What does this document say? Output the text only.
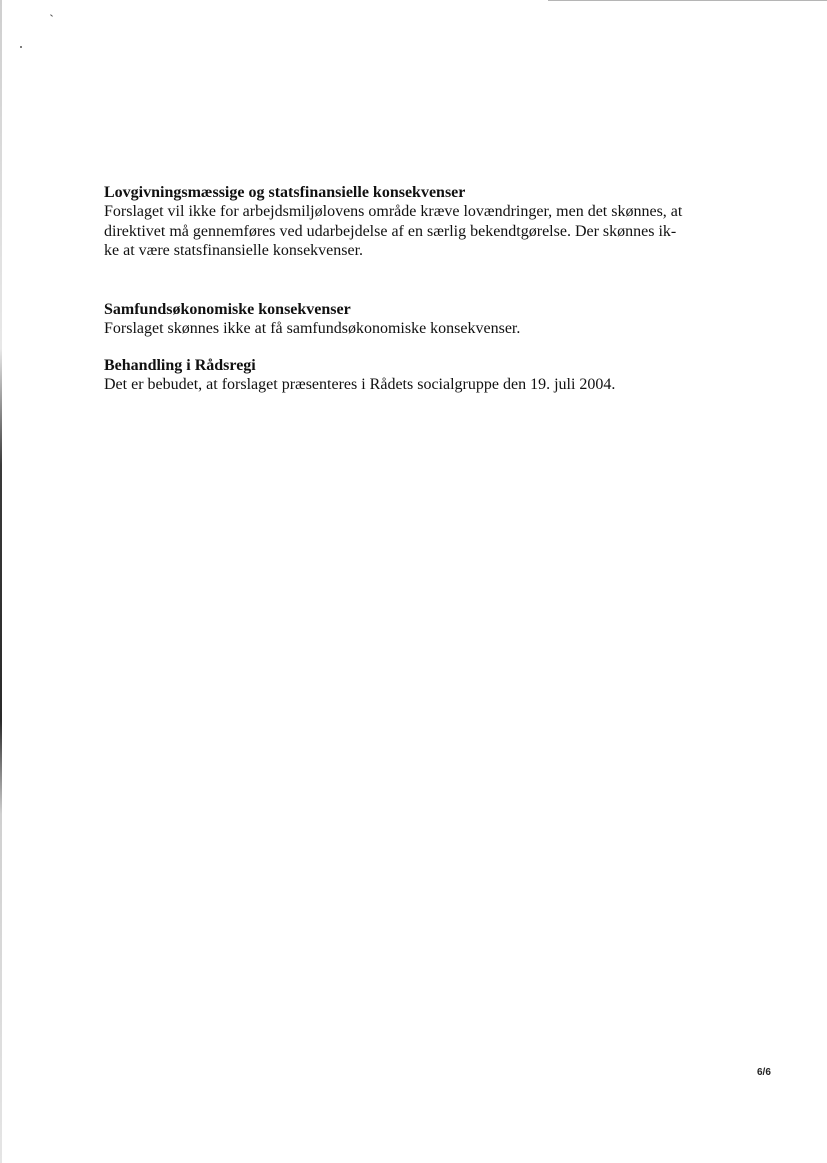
Lovgivningsmæssige og statsfinansielle konsekvenser

Forslaget vil ikke for arbejdsmiljølovens område kræve lovændringer, men det skønnes, at

direktivet må gennemføres ved udarbejdelse af en særlig bekendtgørelse. Der skønnes ik-

ke at være statsfinansielle konsekvenser.

Samfundsøkonomiske konsekvenser

Forslaget skønnes ikke at få samfundsøkonomiske konsekvenser.

Behandling i Rådsregi

Det er bebudet, at forslaget præsenteres i Rådets socialgruppe den 19. juli 2004.

6/6
